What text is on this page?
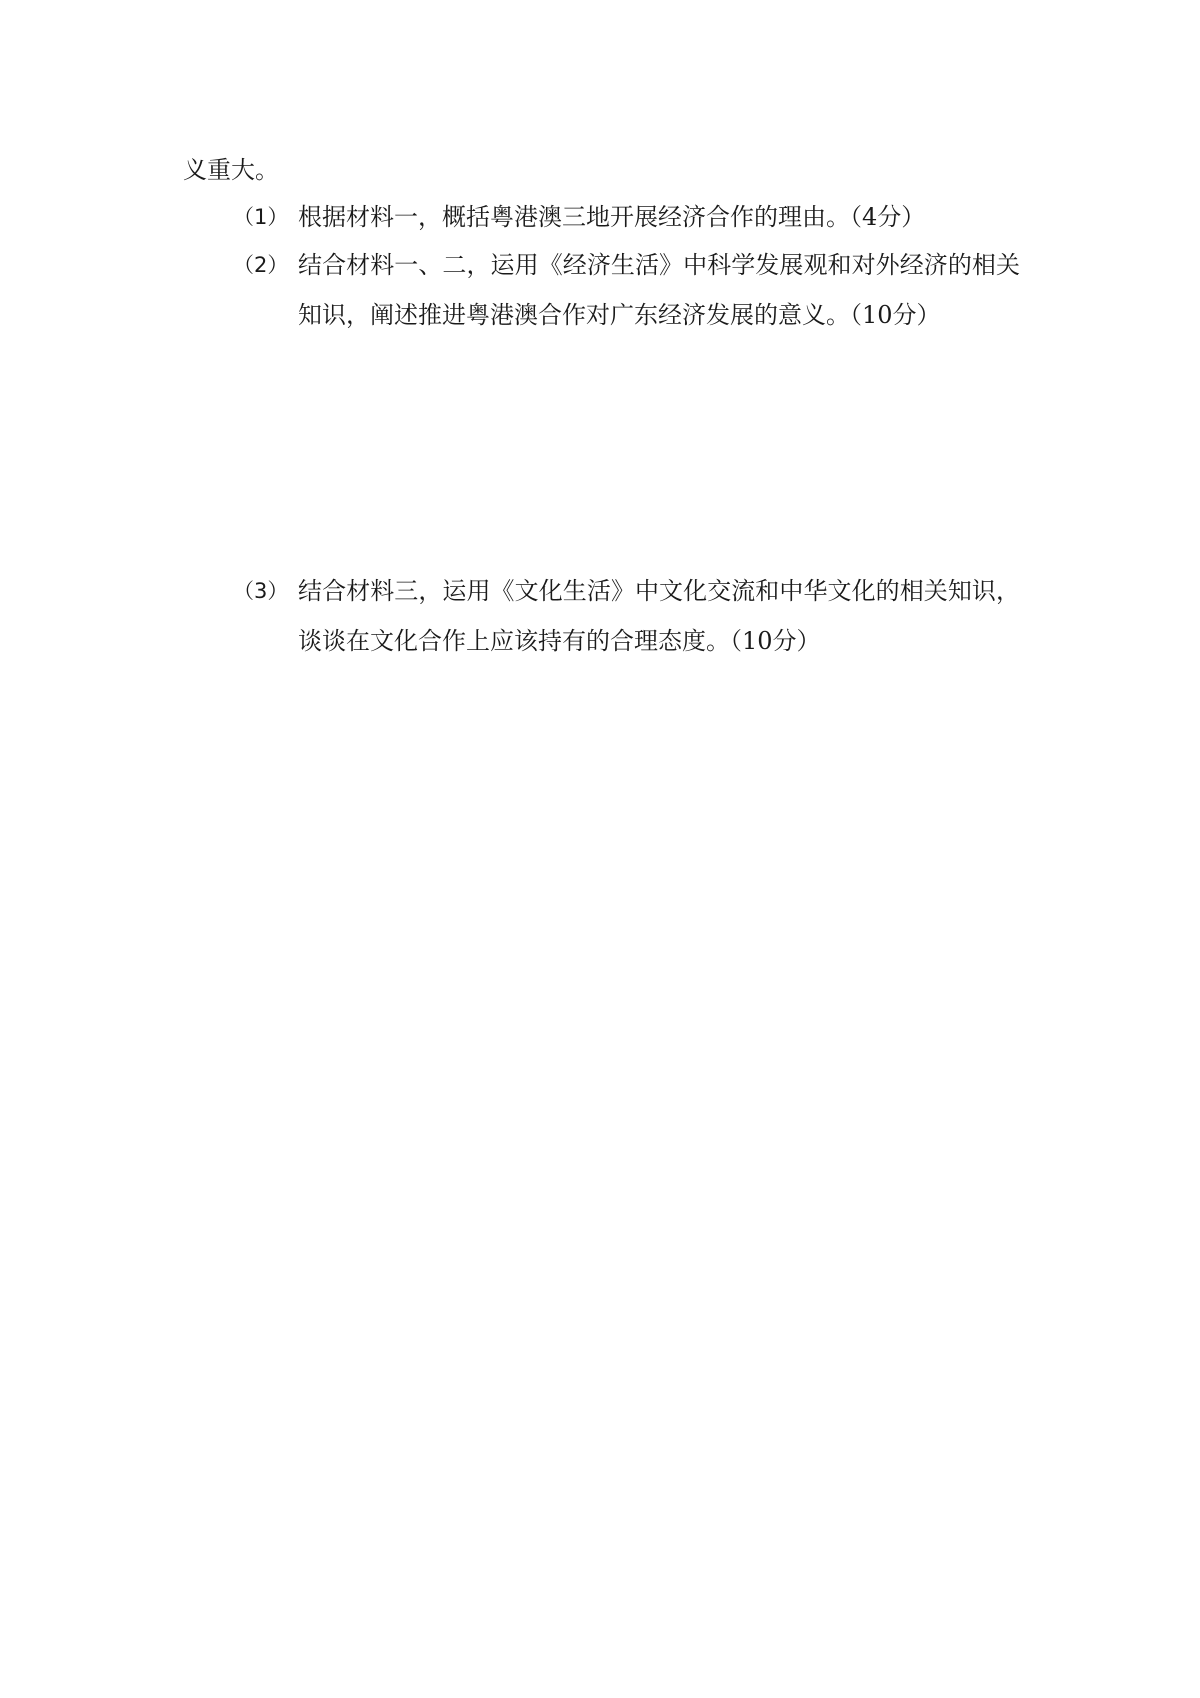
义重大。
（1） 根据材料一，概括粤港澳三地开展经济合作的理由。（4分）
（2） 结合材料一、二，运用《经济生活》中科学发展观和对外经济的相关知识，阐述推进粤港澳合作对广东经济发展的意义。（10分）
（3） 结合材料三，运用《文化生活》中文化交流和中华文化的相关知识，谈谈在文化合作上应该持有的合理态度。（10分）
